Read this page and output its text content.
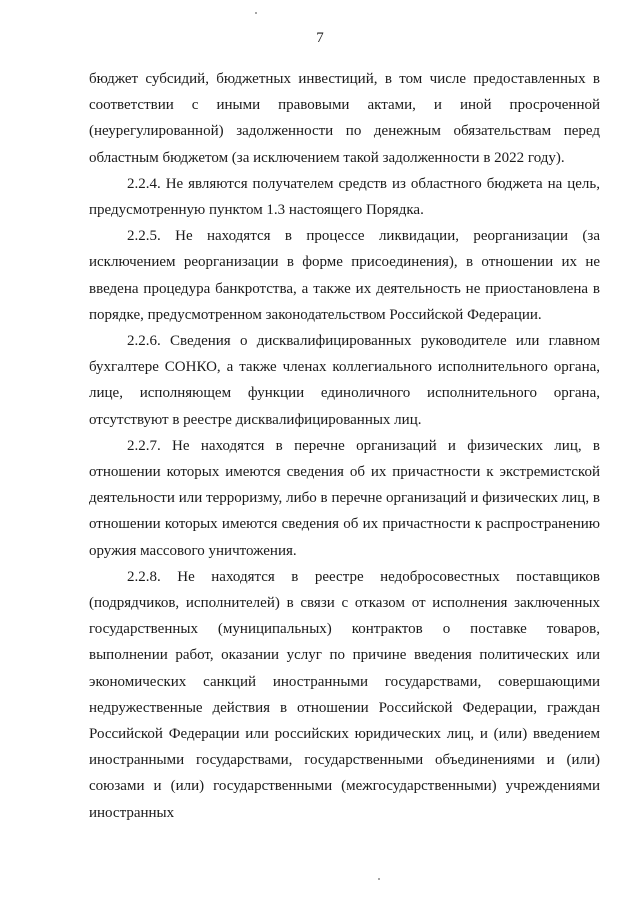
7

бюджет субсидий, бюджетных инвестиций, в том числе предоставленных в соответствии с иными правовыми актами, и иной просроченной (неурегулированной) задолженности по денежным обязательствам перед областным бюджетом (за исключением такой задолженности в 2022 году).

2.2.4. Не являются получателем средств из областного бюджета на цель, предусмотренную пунктом 1.3 настоящего Порядка.

2.2.5. Не находятся в процессе ликвидации, реорганизации (за исключением реорганизации в форме присоединения), в отношении их не введена процедура банкротства, а также их деятельность не приостановлена в порядке, предусмотренном законодательством Российской Федерации.

2.2.6. Сведения о дисквалифицированных руководителе или главном бухгалтере СОНКО, а также членах коллегиального исполнительного органа, лице, исполняющем функции единоличного исполнительного органа, отсутствуют в реестре дисквалифицированных лиц.

2.2.7. Не находятся в перечне организаций и физических лиц, в отношении которых имеются сведения об их причастности к экстремистской деятельности или терроризму, либо в перечне организаций и физических лиц, в отношении которых имеются сведения об их причастности к распространению оружия массового уничтожения.

2.2.8. Не находятся в реестре недобросовестных поставщиков (подрядчиков, исполнителей) в связи с отказом от исполнения заключенных государственных (муниципальных) контрактов о поставке товаров, выполнении работ, оказании услуг по причине введения политических или экономических санкций иностранными государствами, совершающими недружественные действия в отношении Российской Федерации, граждан Российской Федерации или российских юридических лиц, и (или) введением иностранными государствами, государственными объединениями и (или) союзами и (или) государственными (межгосударственными) учреждениями иностранных
